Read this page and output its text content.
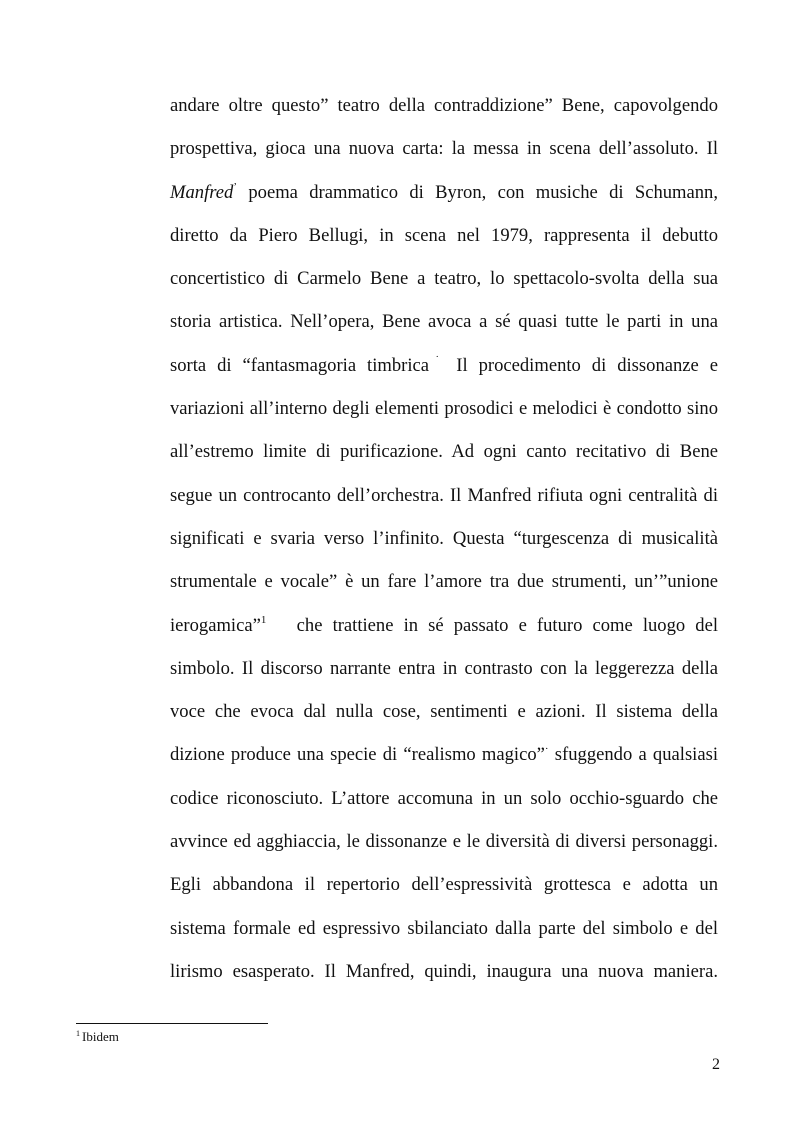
andare oltre questo” teatro della contraddizione” Bene, capovolgendo
prospettiva, gioca una nuova carta: la messa in scena dell’assoluto. Il
Manfred’ poema drammatico di Byron, con musiche di Schumann,
diretto da Piero Bellugi, in scena nel 1979, rappresenta il debutto
concertistico di Carmelo Bene a teatro, lo spettacolo-svolta della sua
storia artistica. Nell’opera, Bene avoca a sé quasi tutte le parti in una
sorta di “fantasmagoria timbrica˙ Il procedimento di dissonanze e
variazioni all’interno degli elementi prosodici e melodici è condotto sino
all’estremo limite di purificazione. Ad ogni canto recitativo di Bene
segue un controcanto dell’orchestra. Il Manfred rifiuta ogni centralità di
significati e svaria verso l’infinito. Questa “turgescenza di musicalità
strumentale e vocale” è un fare l’amore tra due strumenti, un’”unione
ierogamica”$^1$ che trattiene in sé passato e futuro come luogo del
simbolo. Il discorso narrante entra in contrasto con la leggerezza della
voce che evoca dal nulla cose, sentimenti e azioni. Il sistema della
dizione produce una specie di “realismo magico”· sfuggendo a qualsiasi
codice riconosciuto. L’attore accomuna in un solo occhio-sguardo che
avvince ed agghiaccia, le dissonanze e le diversità di diversi personaggi.
Egli abbandona il repertorio dell’espressività grottesca e adotta un
sistema formale ed espressivo sbilanciato dalla parte del simbolo e del
lirismo esasperato. Il Manfred, quindi, inaugura una nuova maniera.
$^1$ Ibidem
2
